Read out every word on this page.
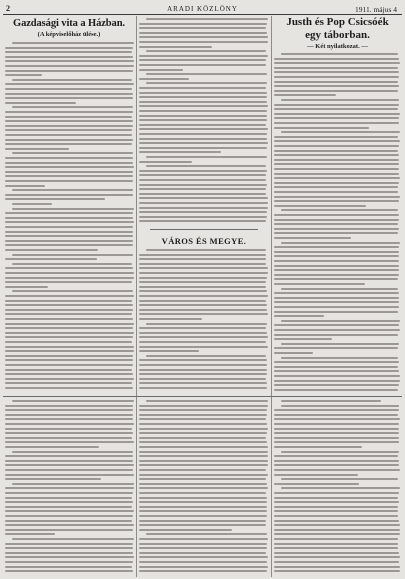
2	ARADI KÖZLÖNY	1911. május 4
Gazdasági vita a Házban.
(A képviselőház ülése.)
Justh és Pop Csicsóék
egy táborban.
— Két nyilatkozat. —
VÁROS ÉS MEGYE.
